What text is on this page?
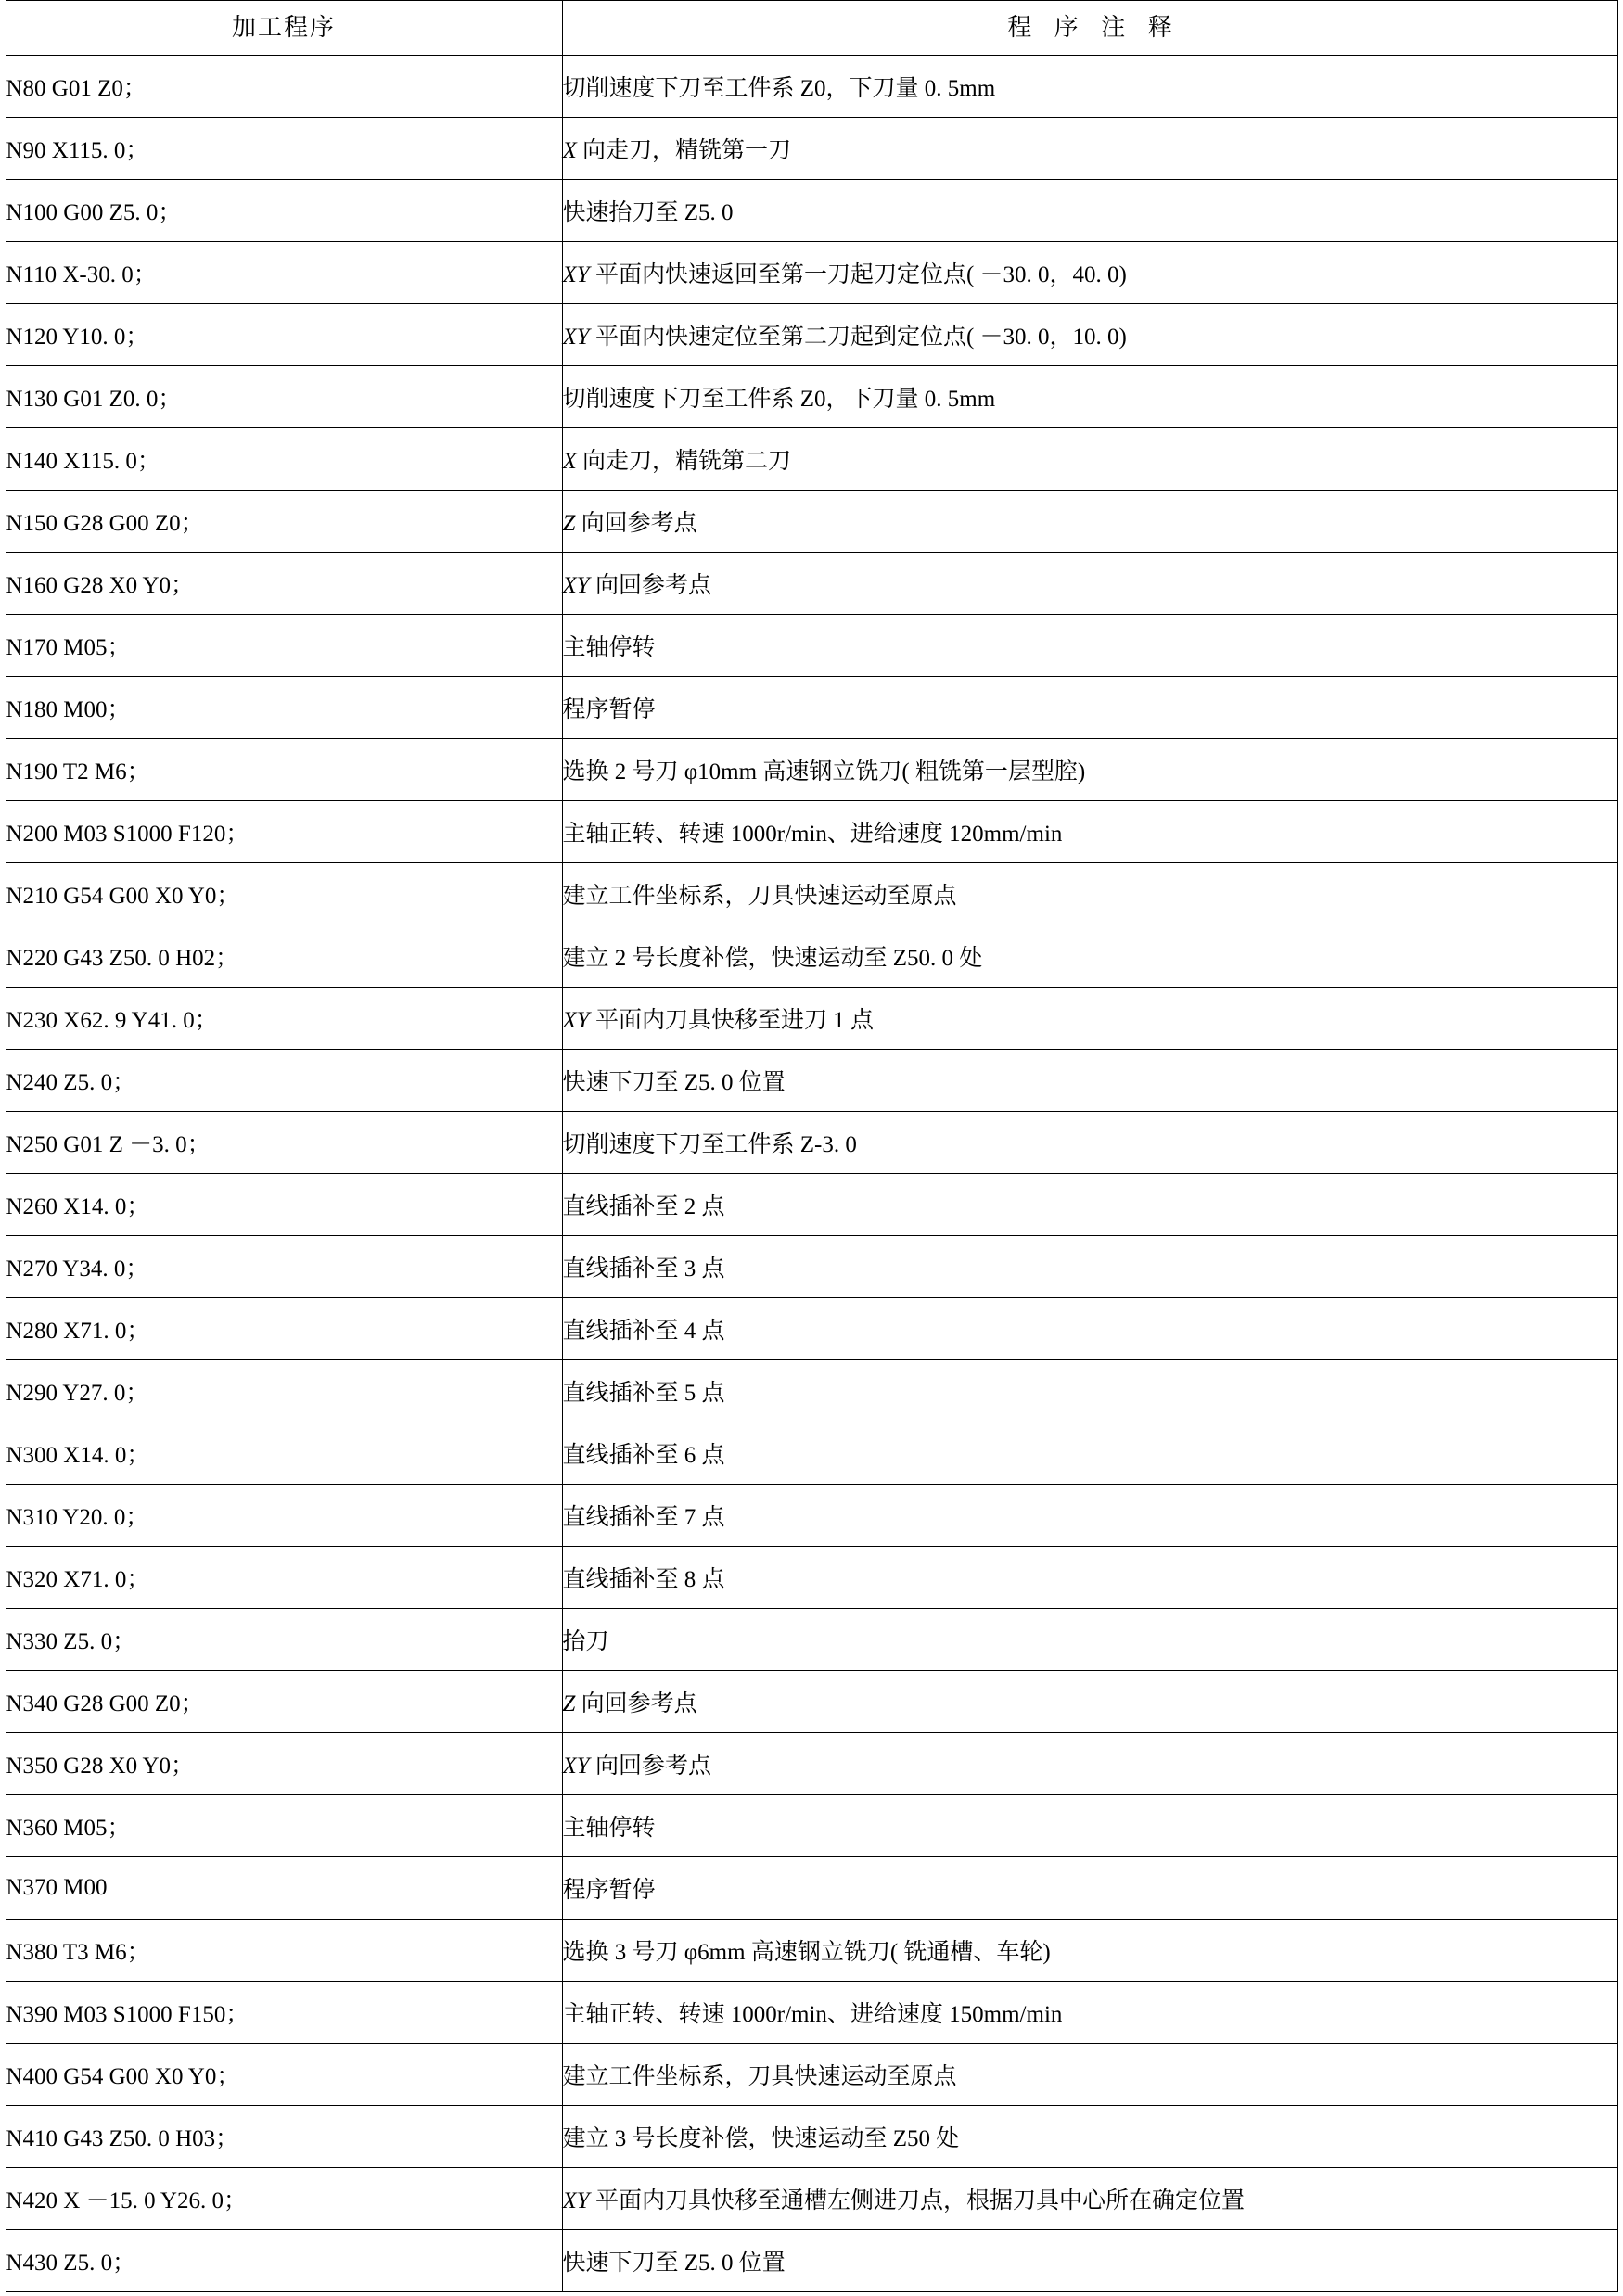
加工程序	程 序 注 释

N80 G01 Z0；	切削速度下刀至工件系 Z0，下刀量 0. 5mm
N90 X115. 0；	X 向走刀，精铣第一刀
N100 G00 Z5. 0；	快速抬刀至 Z5. 0
N110 X-30. 0；	XY 平面内快速返回至第一刀起刀定位点( －30. 0，40. 0)
N120 Y10. 0；	XY 平面内快速定位至第二刀起到定位点( －30. 0，10. 0)
N130 G01 Z0. 0；	切削速度下刀至工件系 Z0，下刀量 0. 5mm
N140 X115. 0；	X 向走刀，精铣第二刀
N150 G28 G00 Z0；	Z 向回参考点
N160 G28 X0 Y0；	XY 向回参考点
N170 M05；	主轴停转
N180 M00；	程序暂停
N190 T2 M6；	选换 2 号刀 φ10mm 高速钢立铣刀( 粗铣第一层型腔)
N200 M03 S1000 F120；	主轴正转、转速 1000r/min、进给速度 120mm/min
N210 G54 G00 X0 Y0；	建立工件坐标系，刀具快速运动至原点
N220 G43 Z50. 0 H02；	建立 2 号长度补偿，快速运动至 Z50. 0 处
N230 X62. 9 Y41. 0；	XY 平面内刀具快移至进刀 1 点
N240 Z5. 0；	快速下刀至 Z5. 0 位置
N250 G01 Z －3. 0；	切削速度下刀至工件系 Z-3. 0
N260 X14. 0；	直线插补至 2 点
N270 Y34. 0；	直线插补至 3 点
N280 X71. 0；	直线插补至 4 点
N290 Y27. 0；	直线插补至 5 点
N300 X14. 0；	直线插补至 6 点
N310 Y20. 0；	直线插补至 7 点
N320 X71. 0；	直线插补至 8 点
N330 Z5. 0；	抬刀
N340 G28 G00 Z0；	Z 向回参考点
N350 G28 X0 Y0；	XY 向回参考点
N360 M05；	主轴停转
N370 M00	程序暂停
N380 T3 M6；	选换 3 号刀 φ6mm 高速钢立铣刀( 铣通槽、车轮)
N390 M03 S1000 F150；	主轴正转、转速 1000r/min、进给速度 150mm/min
N400 G54 G00 X0 Y0；	建立工件坐标系，刀具快速运动至原点
N410 G43 Z50. 0 H03；	建立 3 号长度补偿，快速运动至 Z50 处
N420 X －15. 0 Y26. 0；	XY 平面内刀具快移至通槽左侧进刀点，根据刀具中心所在确定位置
N430 Z5. 0；	快速下刀至 Z5. 0 位置
